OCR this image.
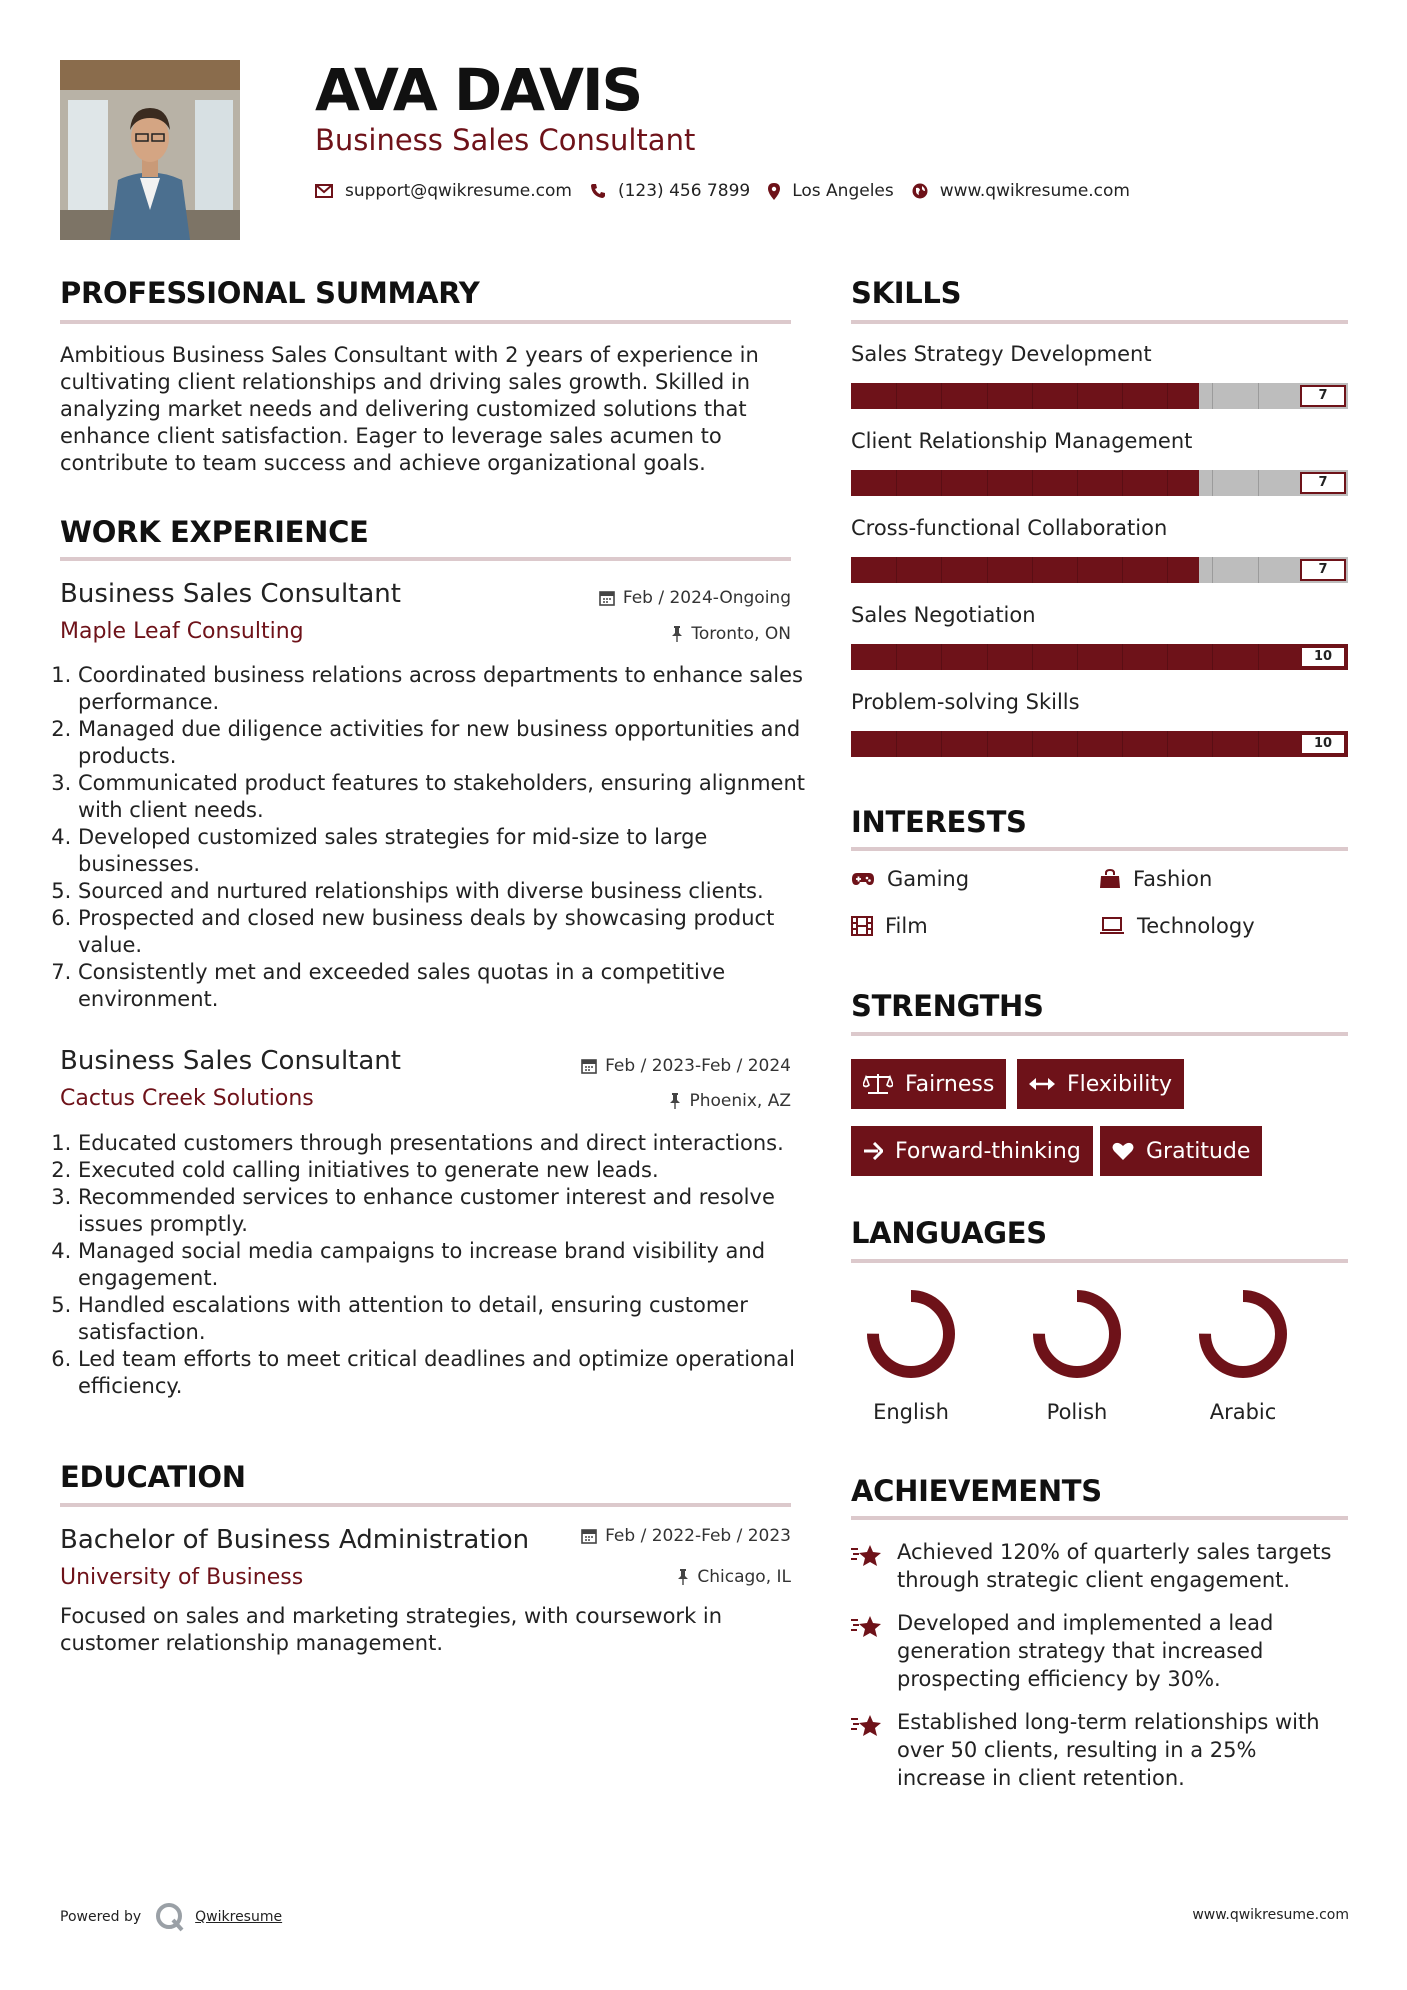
AVA DAVIS
Business Sales Consultant
support@qwikresume.com	(123) 456 7899 Los Angeles	www.qwikresume.com
PROFESSIONAL SUMMARY

Ambitious Business Sales Consultant with 2 years of experience in cultivating client relationships and driving sales growth. Skilled in analyzing market needs and delivering customized solutions that enhance client satisfaction. Eager to leverage sales acumen to contribute to team success and achieve organizational goals.

WORK EXPERIENCE
Business Sales Consultant
Maple Leaf Consulting
Feb / 2024-Ongoing
Toronto, ON
1. Coordinated business relations across departments to enhance sales performance.
2. Managed due diligence activities for new business opportunities and products.
3. Communicated product features to stakeholders, ensuring alignment with client needs.
4. Developed customized sales strategies for mid-size to large businesses.
5. Sourced and nurtured relationships with diverse business clients.
6. Prospected and closed new business deals by showcasing product value.
7. Consistently met and exceeded sales quotas in a competitive environment.
Business Sales Consultant
Cactus Creek Solutions
Feb / 2023-Feb / 2024
Phoenix, AZ
1. Educated customers through presentations and direct interactions.
2. Executed cold calling initiatives to generate new leads.
3. Recommended services to enhance customer interest and resolve issues promptly.
4. Managed social media campaigns to increase brand visibility and engagement.
5. Handled escalations with attention to detail, ensuring customer satisfaction.
6. Led team efforts to meet critical deadlines and optimize operational efficiency.
EDUCATION
Bachelor of Business Administration
University of Business
Feb / 2022-Feb / 2023
Chicago, IL

Focused on sales and marketing strategies, with coursework in customer relationship management.

SKILLS
Sales Strategy Development
7
Client Relationship Management
7
Cross-functional Collaboration
7
Sales Negotiation
10
Problem-solving Skills
10
INTERESTS
Gaming	Fashion
Film	Technology
STRENGTHS
Fairness	Flexibility
Forward-thinking	Gratitude
LANGUAGES
English	Polish	Arabic
ACHIEVEMENTS
Achieved 120% of quarterly sales targets through strategic client engagement.
Developed and implemented a lead generation strategy that increased prospecting efficiency by 30%.
Established long-term relationships with over 50 clients, resulting in a 25% increase in client retention.
Powered by	Qwikresume	www.qwikresume.com
